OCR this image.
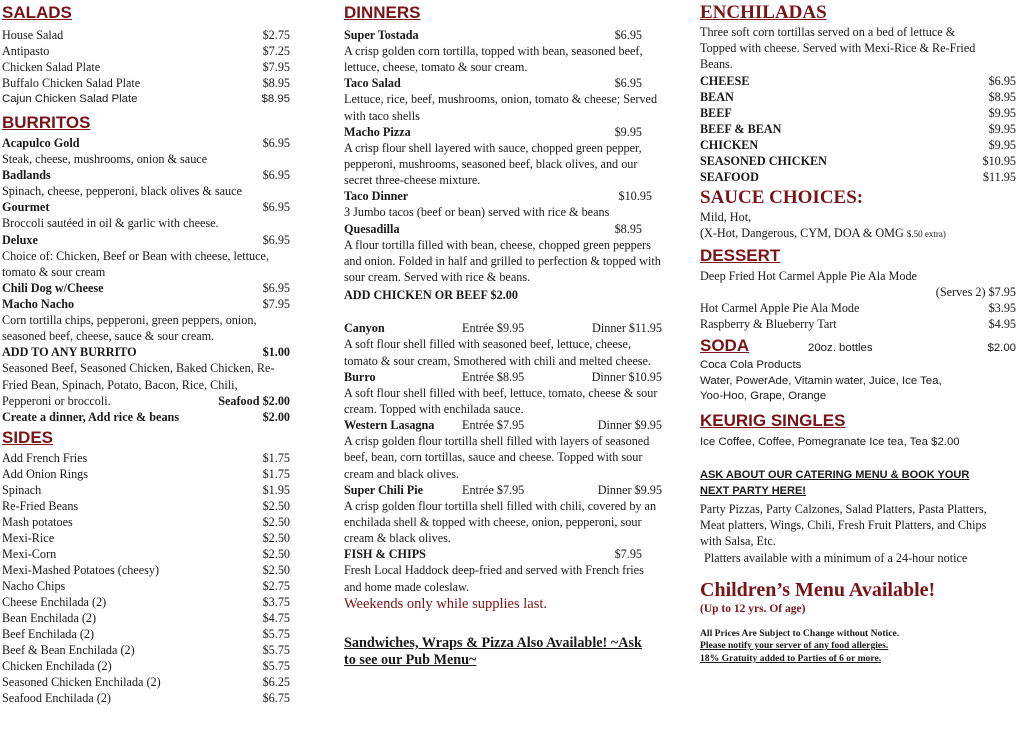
SALADS
House Salad	$2.75
Antipasto	$7.25
Chicken Salad Plate	$7.95
Buffalo Chicken Salad Plate	$8.95
Cajun Chicken Salad Plate	$8.95
BURRITOS
Acapulco Gold	$6.95
Steak, cheese, mushrooms, onion & sauce
Badlands	$6.95
Spinach, cheese, pepperoni, black olives & sauce
Gourmet	$6.95
Broccoli sautéed in oil & garlic with cheese.
Deluxe	$6.95
Choice of: Chicken, Beef or Bean with cheese, lettuce, tomato & sour cream
Chili Dog w/Cheese	$6.95
Macho Nacho	$7.95
Corn tortilla chips, pepperoni, green peppers, onion, seasoned beef, cheese, sauce & sour cream.
ADD TO ANY BURRITO	$1.00
Seasoned Beef, Seasoned Chicken, Baked Chicken, Re-Fried Bean, Spinach, Potato, Bacon, Rice, Chili, Pepperoni or broccoli.	Seafood $2.00
Create a dinner, Add rice & beans	$2.00
SIDES
Add French Fries	$1.75
Add Onion Rings	$1.75
Spinach	$1.95
Re-Fried Beans	$2.50
Mash potatoes	$2.50
Mexi-Rice	$2.50
Mexi-Corn	$2.50
Mexi-Mashed Potatoes (cheesy)	$2.50
Nacho Chips	$2.75
Cheese Enchilada (2)	$3.75
Bean Enchilada (2)	$4.75
Beef Enchilada (2)	$5.75
Beef & Bean Enchilada (2)	$5.75
Chicken Enchilada (2)	$5.75
Seasoned Chicken Enchilada (2)	$6.25
Seafood Enchilada (2)	$6.75
DINNERS
Super Tostada	$6.95
A crisp golden corn tortilla, topped with bean, seasoned beef, lettuce, cheese, tomato & sour cream.
Taco Salad	$6.95
Lettuce, rice, beef, mushrooms, onion, tomato & cheese; Served with taco shells
Macho Pizza	$9.95
A crisp flour shell layered with sauce, chopped green pepper, pepperoni, mushrooms, seasoned beef, black olives, and our secret three-cheese mixture.
Taco Dinner	$10.95
3 Jumbo tacos (beef or bean) served with rice & beans
Quesadilla	$8.95
A flour tortilla filled with bean, cheese, chopped green peppers and onion. Folded in half and grilled to perfection & topped with sour cream. Served with rice & beans.
ADD CHICKEN OR BEEF $2.00
Canyon	Entrée $9.95	Dinner $11.95
A soft flour shell filled with seasoned beef, lettuce, cheese, tomato & sour cream, Smothered with chili and melted cheese.
Burro	Entrée $8.95	Dinner $10.95
A soft flour shell filled with beef, lettuce, tomato, cheese & sour cream. Topped with enchilada sauce.
Western Lasagna	Entrée $7.95	Dinner $9.95
A crisp golden flour tortilla shell filled with layers of seasoned beef, bean, corn tortillas, sauce and cheese. Topped with sour cream and black olives.
Super Chili Pie	Entrée $7.95	Dinner $9.95
A crisp golden flour tortilla shell filled with chili, covered by an enchilada shell & topped with cheese, onion, pepperoni, sour cream & black olives.
FISH & CHIPS	$7.95
Fresh Local Haddock deep-fried and served with French fries and home made coleslaw.
Weekends only while supplies last.
Sandwiches, Wraps & Pizza Also Available! ~Ask to see our Pub Menu~
ENCHILADAS
Three soft corn tortillas served on a bed of lettuce & Topped with cheese. Served with Mexi-Rice & Re-Fried Beans.
CHEESE	$6.95
BEAN	$8.95
BEEF	$9.95
BEEF & BEAN	$9.95
CHICKEN	$9.95
SEASONED CHICKEN	$10.95
SEAFOOD	$11.95
SAUCE CHOICES:
Mild, Hot,
(X-Hot, Dangerous, CYM, DOA & OMG $.50 extra)
DESSERT
Deep Fried Hot Carmel Apple Pie Ala Mode
(Serves 2) $7.95
Hot Carmel Apple Pie Ala Mode	$3.95
Raspberry & Blueberry Tart	$4.95
SODA	20oz. bottles	$2.00
Coca Cola Products
Water, PowerAde, Vitamin water, Juice, Ice Tea,
Yoo-Hoo, Grape, Orange
KEURIG SINGLES
Ice Coffee, Coffee, Pomegranate Ice tea, Tea $2.00
ASK ABOUT OUR CATERING MENU & BOOK YOUR NEXT PARTY HERE!
Party Pizzas, Party Calzones, Salad Platters, Pasta Platters, Meat platters, Wings, Chili, Fresh Fruit Platters, and Chips with Salsa, Etc.
Platters available with a minimum of a 24-hour notice
Children’s Menu Available!
(Up to 12 yrs. Of age)
All Prices Are Subject to Change without Notice.
Please notify your server of any food allergies.
18% Gratuity added to Parties of 6 or more.
